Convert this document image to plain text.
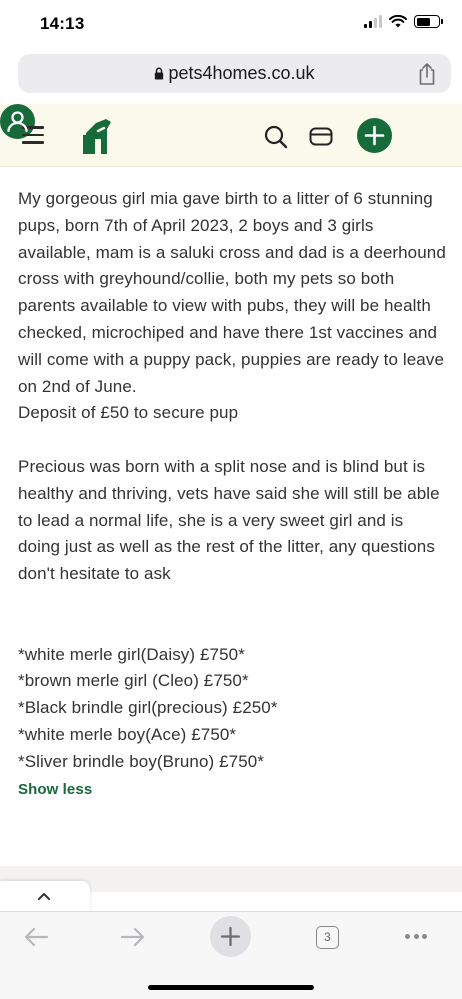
14:13
pets4homes.co.uk

My gorgeous girl mia gave birth to a litter of 6 stunning pups, born 7th of April 2023, 2 boys and 3 girls available, mam is a saluki cross and dad is a deerhound cross with greyhound/collie, both my pets so both parents available to view with pubs, they will be health checked, microchiped and have there 1st vaccines and will come with a puppy pack, puppies are ready to leave on 2nd of June.

Deposit of £50 to secure pup

Precious was born with a split nose and is blind but is healthy and thriving, vets have said she will still be able to lead a normal life, she is a very sweet girl and is doing just as well as the rest of the litter, any questions don't hesitate to ask

*white merle girl(Daisy) £750*

*brown merle girl (Cleo) £750*

*Black brindle girl(precious) £250*

*white merle boy(Ace) £750*

*Sliver brindle boy(Bruno) £750*

Show less
3
